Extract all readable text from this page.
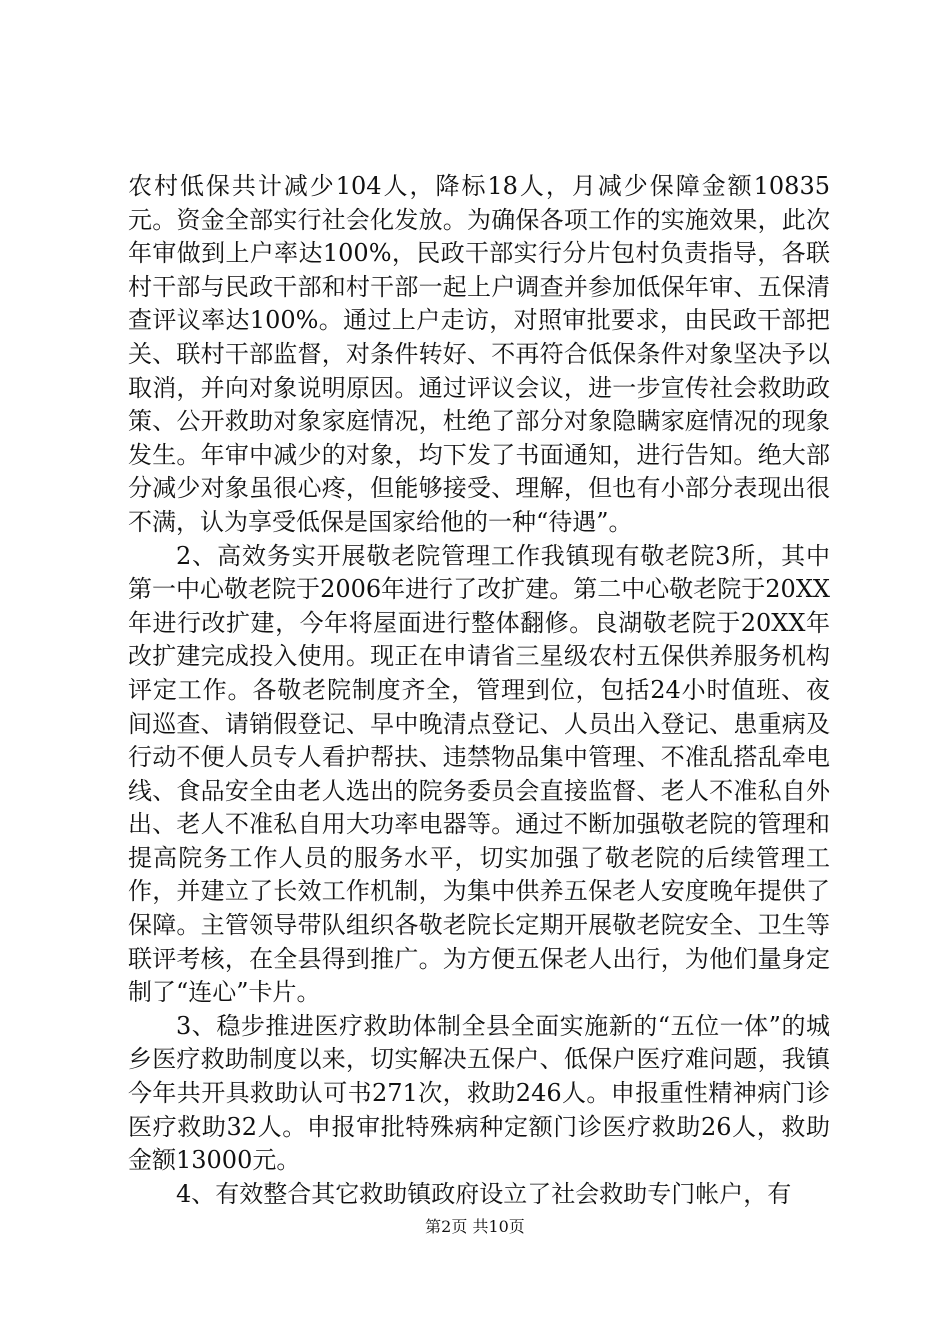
农村低保共计减少104人，降标18人，月减少保障金额10835元。资金全部实行社会化发放。为确保各项工作的实施效果，此次年审做到上户率达100%，民政干部实行分片包村负责指导，各联村干部与民政干部和村干部一起上户调查并参加低保年审、五保清查评议率达100%。通过上户走访，对照审批要求，由民政干部把关、联村干部监督，对条件转好、不再符合低保条件对象坚决予以取消，并向对象说明原因。通过评议会议，进一步宣传社会救助政策、公开救助对象家庭情况，杜绝了部分对象隐瞒家庭情况的现象发生。年审中减少的对象，均下发了书面通知，进行告知。绝大部分减少对象虽很心疼，但能够接受、理解，但也有小部分表现出很不满，认为享受低保是国家给他的一种“待遇”。

2、高效务实开展敬老院管理工作我镇现有敬老院3所，其中第一中心敬老院于2006年进行了改扩建。第二中心敬老院于20XX年进行改扩建，今年将屋面进行整体翻修。良湖敬老院于20XX年改扩建完成投入使用。现正在申请省三星级农村五保供养服务机构评定工作。各敬老院制度齐全，管理到位，包括24小时值班、夜间巡查、请销假登记、早中晚清点登记、人员出入登记、患重病及行动不便人员专人看护帮扶、违禁物品集中管理、不准乱搭乱牵电线、食品安全由老人选出的院务委员会直接监督、老人不准私自外出、老人不准私自用大功率电器等。通过不断加强敬老院的管理和提高院务工作人员的服务水平，切实加强了敬老院的后续管理工作，并建立了长效工作机制，为集中供养五保老人安度晚年提供了保障。主管领导带队组织各敬老院长定期开展敬老院安全、卫生等联评考核，在全县得到推广。为方便五保老人出行，为他们量身定制了“连心”卡片。

3、稳步推进医疗救助体制全县全面实施新的“五位一体”的城乡医疗救助制度以来，切实解决五保户、低保户医疗难问题，我镇今年共开具救助认可书271次，救助246人。申报重性精神病门诊医疗救助32人。申报审批特殊病种定额门诊医疗救助26人，救助金额13000元。

4、有效整合其它救助镇政府设立了社会救助专门帐户，有

第2页 共10页
